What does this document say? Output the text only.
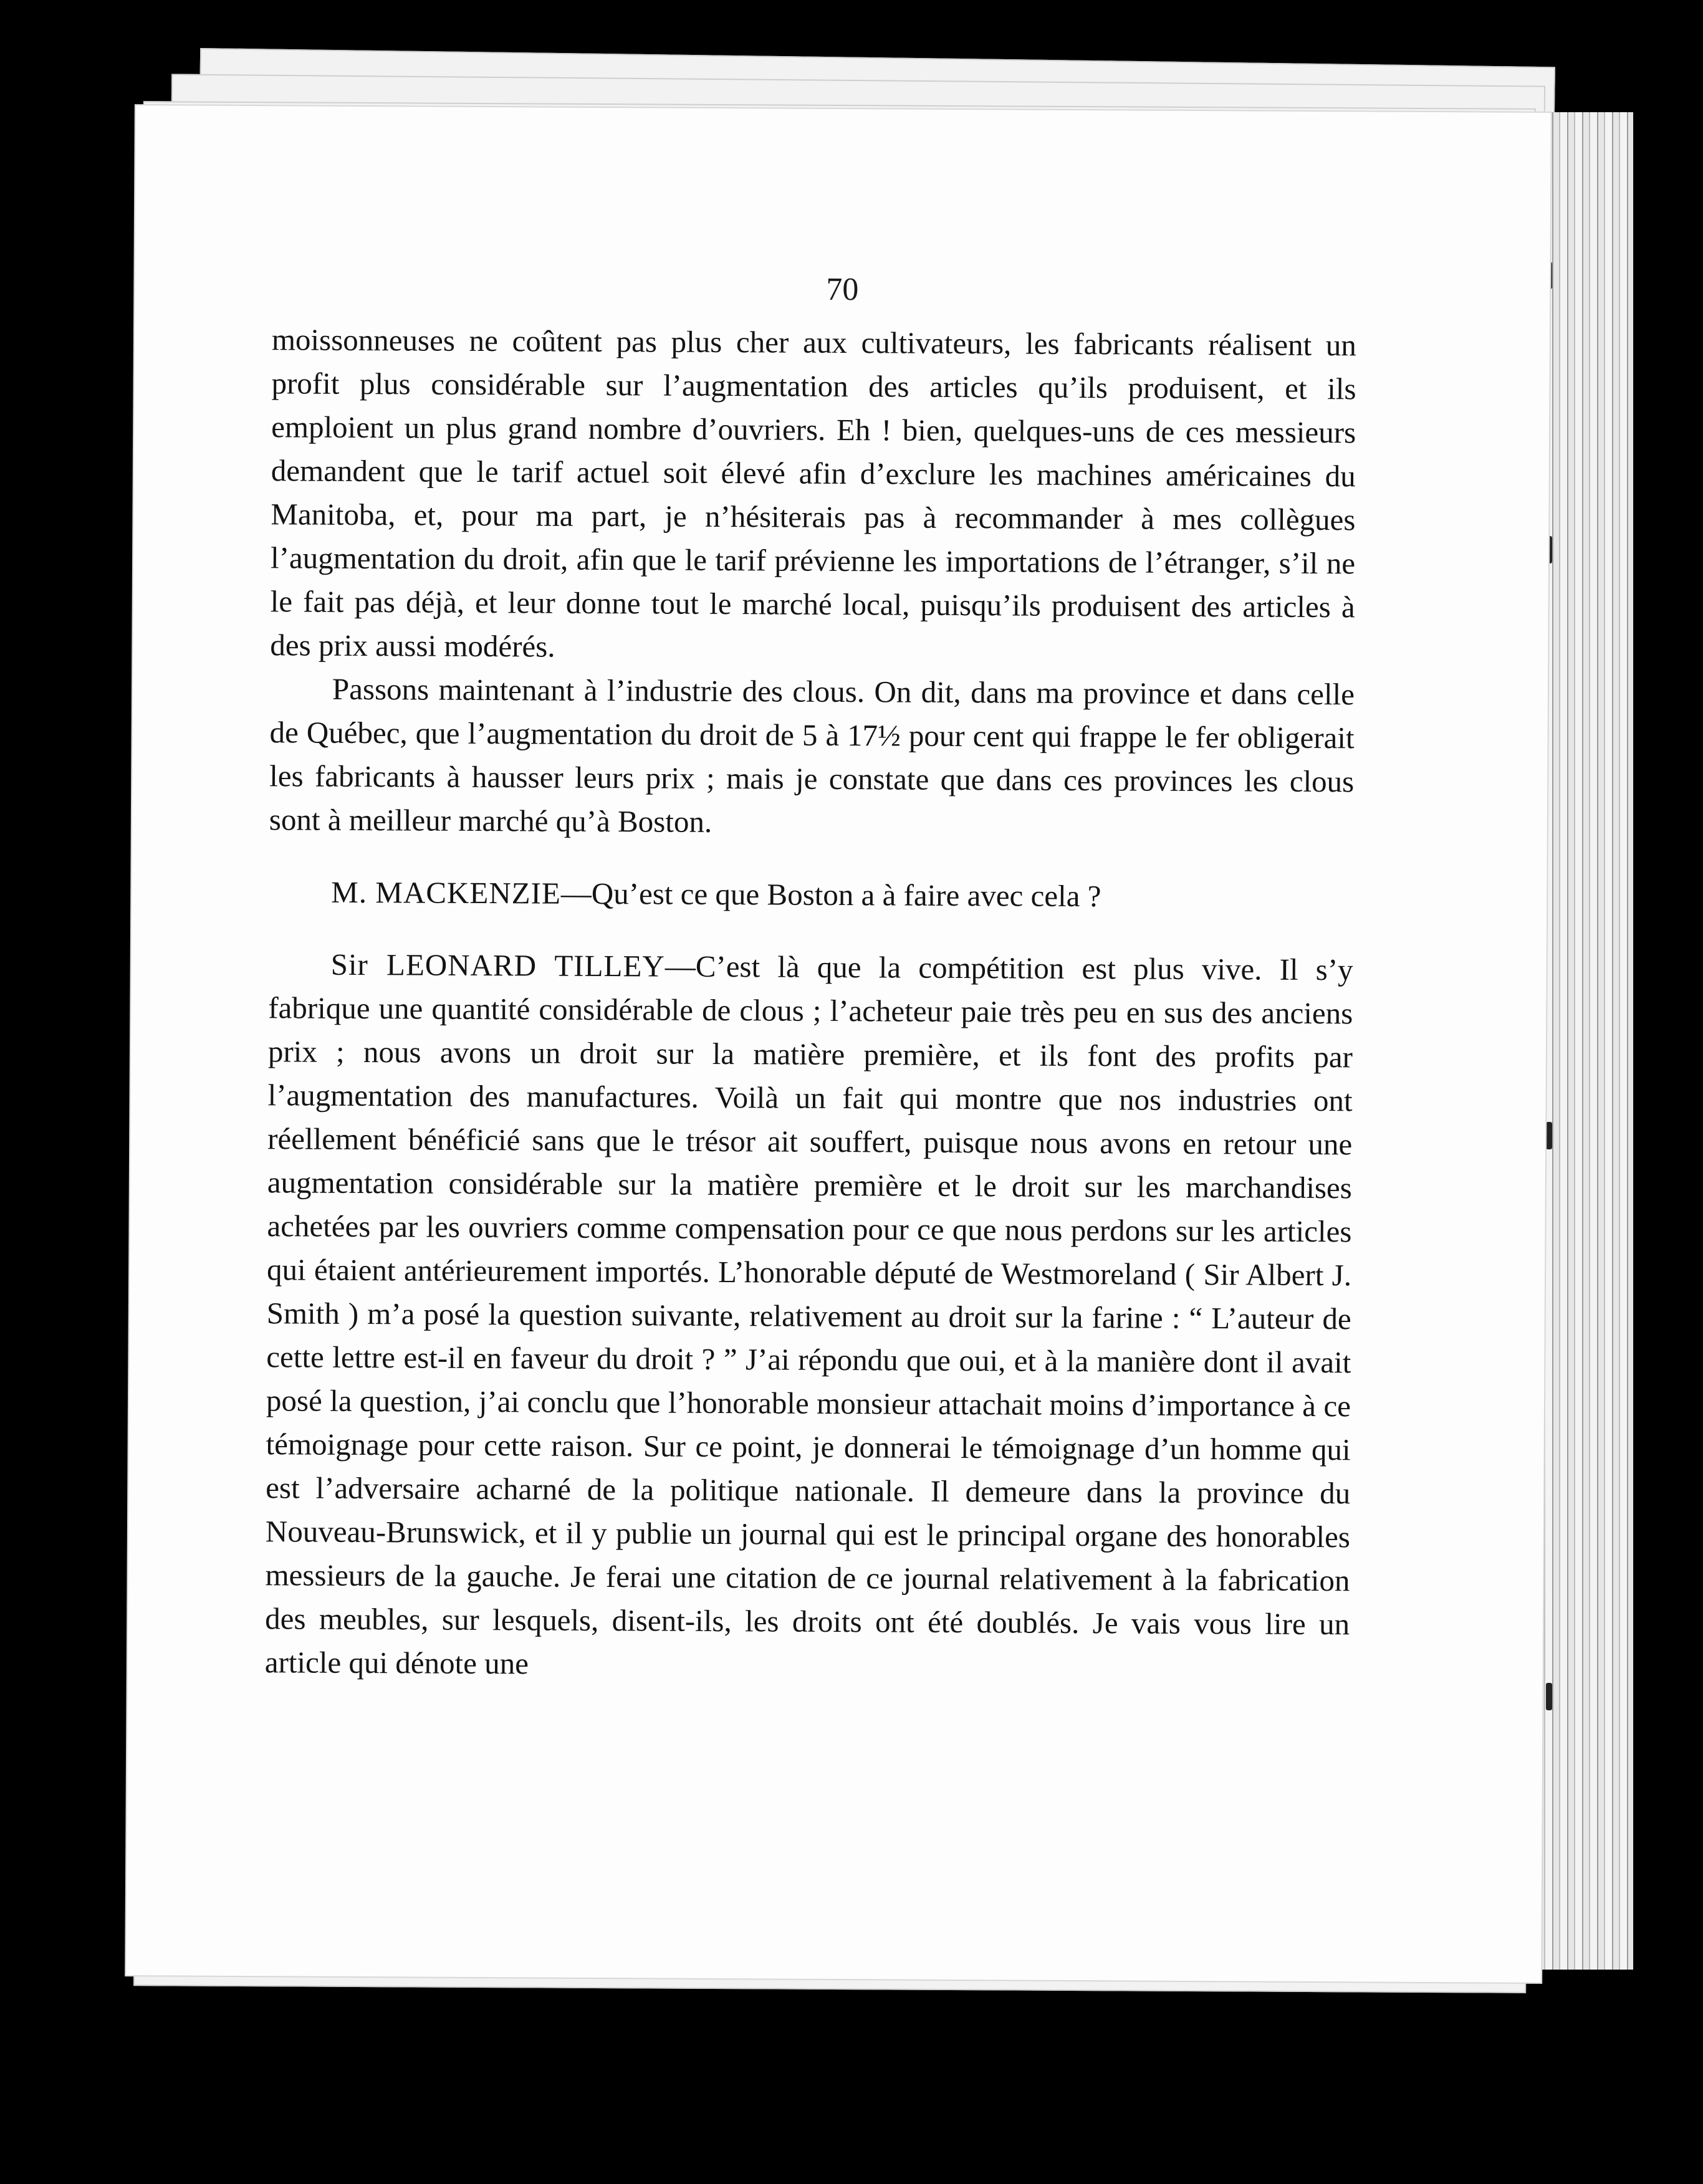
70

moissonneuses ne coûtent pas plus cher aux cultivateurs, les fabricants réalisent un profit plus considérable sur l’augmentation des articles qu’ils produisent, et ils emploient un plus grand nombre d’ouvriers. Eh ! bien, quelques-uns de ces messieurs demandent que le tarif actuel soit élevé afin d’exclure les machines américaines du Manitoba, et, pour ma part, je n’hésiterais pas à recommander à mes collègues l’augmentation du droit, afin que le tarif prévienne les importations de l’étranger, s’il ne le fait pas déjà, et leur donne tout le marché local, puisqu’ils produisent des articles à des prix aussi modérés.

Passons maintenant à l’industrie des clous. On dit, dans ma province et dans celle de Québec, que l’augmentation du droit de 5 à 17½ pour cent qui frappe le fer obligerait les fabricants à hausser leurs prix ; mais je constate que dans ces provinces les clous sont à meilleur marché qu’à Boston.

M. MACKENZIE—Qu’est ce que Boston a à faire avec cela ?

Sir LEONARD TILLEY—C’est là que la compétition est plus vive. Il s’y fabrique une quantité considérable de clous ; l’acheteur paie très peu en sus des anciens prix ; nous avons un droit sur la matière première, et ils font des profits par l’augmentation des manufactures. Voilà un fait qui montre que nos industries ont réellement bénéficié sans que le trésor ait souffert, puisque nous avons en retour une augmentation considérable sur la matière première et le droit sur les marchandises achetées par les ouvriers comme compensation pour ce que nous perdons sur les articles qui étaient antérieurement importés. L’honorable député de Westmoreland ( Sir Albert J. Smith ) m’a posé la question suivante, relativement au droit sur la farine : “ L’auteur de cette lettre est-il en faveur du droit ? ” J’ai répondu que oui, et à la manière dont il avait posé la question, j’ai conclu que l’honorable monsieur attachait moins d’importance à ce témoignage pour cette raison. Sur ce point, je donnerai le témoignage d’un homme qui est l’adversaire acharné de la politique nationale. Il demeure dans la province du Nouveau-Brunswick, et il y publie un journal qui est le principal organe des honorables messieurs de la gauche. Je ferai une citation de ce journal relativement à la fabrication des meubles, sur lesquels, disent-ils, les droits ont été doublés. Je vais vous lire un article qui dénote une
